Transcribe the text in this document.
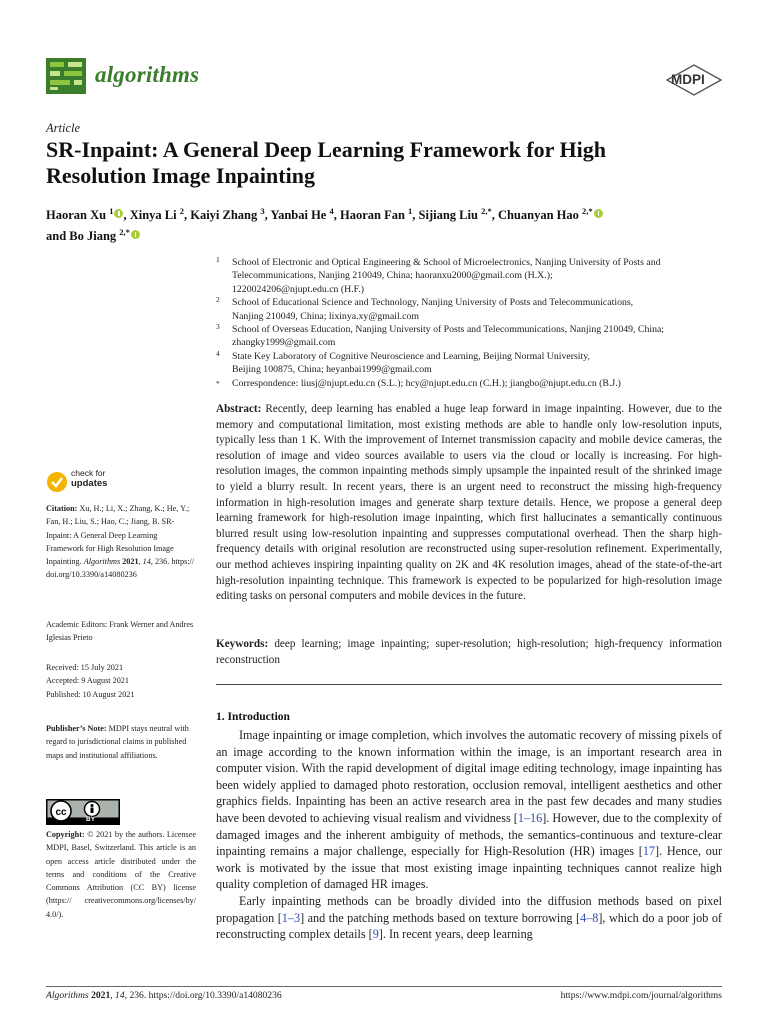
algorithms	MDPI
Article
SR-Inpaint: A General Deep Learning Framework for High Resolution Image Inpainting
Haoran Xu $^1$ , Xinya Li $^2$, Kaiyi Zhang $^3$, Yanbai He $^4$, Haoran Fan $^1$, Sijiang Liu $^{2,*}$, Chuanyan Hao $^{2,*}$
and Bo Jiang $^{2,*}$
1 School of Electronic and Optical Engineering & School of Microelectronics, Nanjing University of Posts and
Telecommunications, Nanjing 210049, China; haoranxu2000@gmail.com (H.X.);
1220024206@njupt.edu.cn (H.F.)
2 School of Educational Science and Technology, Nanjing University of Posts and Telecommunications,
Nanjing 210049, China; lixinya.xy@gmail.com
3 School of Overseas Education, Nanjing University of Posts and Telecommunications, Nanjing 210049, China;
zhangky1999@gmail.com
4 State Key Laboratory of Cognitive Neuroscience and Learning, Beijing Normal University,
Beijing 100875, China; heyanbai1999@gmail.com
* Correspondence: liusj@njupt.edu.cn (S.L.); hcy@njupt.edu.cn (C.H.); jiangbo@njupt.edu.cn (B.J.)
Abstract: Recently, deep learning has enabled a huge leap forward in image inpainting. However, due to the memory and computational limitation, most existing methods are able to handle only low-resolution inputs, typically less than 1 K. With the improvement of Internet transmission capacity and mobile device cameras, the resolution of image and video sources available to users via the cloud or locally is increasing. For high-resolution images, the common inpainting methods simply upsample the inpainted result of the shrinked image to yield a blurry result. In recent years, there is an urgent need to reconstruct the missing high-frequency information in high-resolution images and generate sharp texture details. Hence, we propose a general deep learning framework for high-resolution image inpainting, which first hallucinates a semantically continuous blurred result using low-resolution inpainting and suppresses computational overhead. Then the sharp high-frequency details with original resolution are reconstructed using super-resolution refinement. Experimentally, our method achieves inspiring inpainting quality on 2K and 4K resolution images, ahead of the state-of-the-art high-resolution inpainting technique. This framework is expected to be popularized for high-resolution image editing tasks on personal computers and mobile devices in the future.
Keywords: deep learning; image inpainting; super-resolution; high-resolution; high-frequency information reconstruction
check for
updates
Citation: Xu, H.; Li, X.; Zhang, K.; He, Y.; Fan, H.; Liu, S.; Hao, C.; Jiang, B. SR-Inpaint: A General Deep Learning Framework for High Resolution Image Inpainting. Algorithms 2021, 14, 236. https:// doi.org/10.3390/a14080236
Academic Editors: Frank Werner and Andres Iglesias Prieto
Received: 15 July 2021
Accepted: 9 August 2021
Published: 10 August 2021
Publisher’s Note: MDPI stays neutral with regard to jurisdictional claims in published maps and institutional affiliations.
cc
BY
Copyright: © 2021 by the authors. Licensee MDPI, Basel, Switzerland. This article is an open access article distributed under the terms and conditions of the Creative Commons Attribution (CC BY) license (https:// creativecommons.org/licenses/by/ 4.0/).
1. Introduction

Image inpainting or image completion, which involves the automatic recovery of missing pixels of an image according to the known information within the image, is an important research area in computer vision. With the rapid development of digital image editing technology, image inpainting has been widely applied to damaged photo restoration, occlusion removal, intelligent aesthetics and other graphics fields. Inpainting has been an active research area in the past few decades and many studies have been devoted to achieving visual realism and vividness [1–16]. However, due to the complexity of damaged images and the inherent ambiguity of methods, the semantics-continuous and texture-clear inpainting remains a major challenge, especially for High-Resolution (HR) images [17]. Hence, our work is motivated by the issue that most existing image inpainting techniques cannot realize high quality completion of damaged HR images.

Early inpainting methods can be broadly divided into the diffusion methods based on pixel propagation [1–3] and the patching methods based on texture borrowing [4–8], which do a poor job of reconstructing complex details [9]. In recent years, deep learning

Algorithms 2021, 14, 236. https://doi.org/10.3390/a14080236	https://www.mdpi.com/journal/algorithms
